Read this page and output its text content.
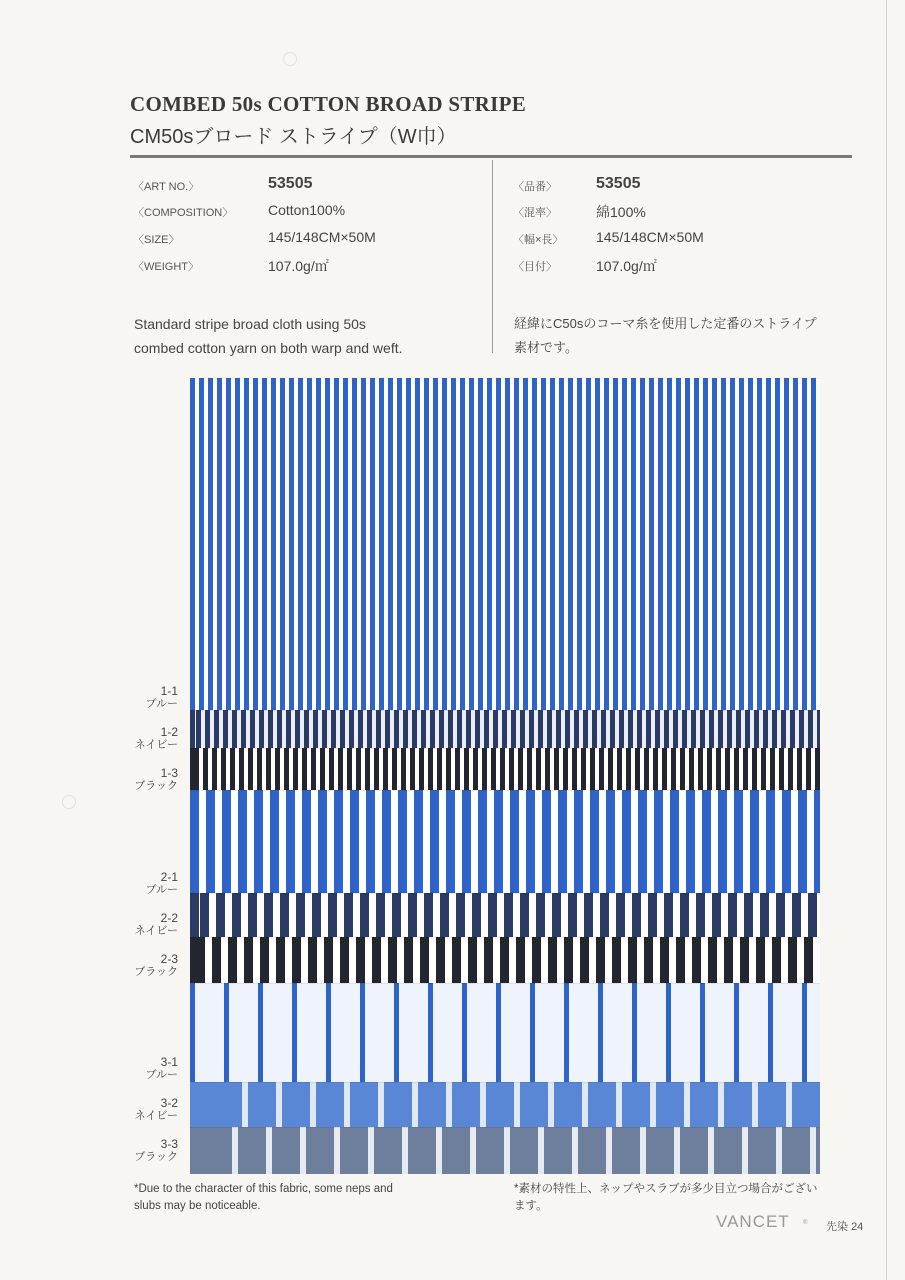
COMBED 50s COTTON BROAD STRIPE
CM50sブロード ストライプ（W巾）
〈ART NO.〉	53505
〈COMPOSITION〉 Cotton100%
〈SIZE〉	145/148CM×50M
〈WEIGHT〉	107.0g/㎡
〈品番〉 53505
〈混率〉	綿100%
〈幅×長〉 145/148CM×50M
〈目付〉	107.0g/㎡
Standard stripe broad cloth using 50s
combed cotton yarn on both warp and weft.
経緯にC50sのコーマ糸を使用した定番のストライプ
素材です。
1-1
ブルー
1-2
ネイビー
1-3
ブラック
2-1
ブルー
2-2
ネイビー
2-3
ブラック
3-1
ブルー
3-2
ネイビー
3-3
ブラック
*Due to the character of this fabric, some neps and
slubs may be noticeable.
*素材の特性上、ネップやスラブが多少目立つ場合がござい
ます。
VANCET ® 先染 24
